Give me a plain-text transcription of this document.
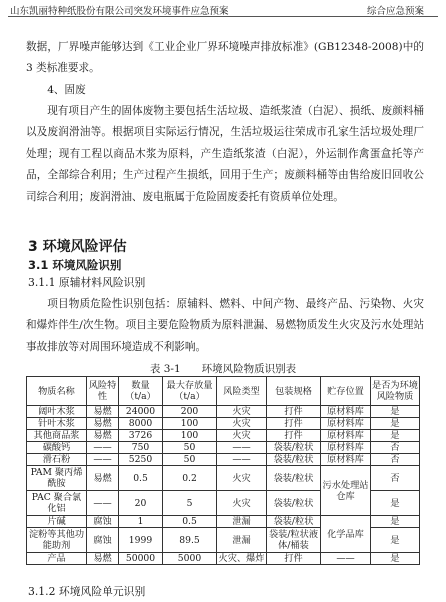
山东凯丽特种纸股份有限公司突发环境事件应急预案	综合应急预案

数据，厂界噪声能够达到《工业企业厂界环境噪声排放标准》(GB12348-2008)中的 3 类标准要求。

4、固废

现有项目产生的固体废物主要包括生活垃圾、造纸浆渣（白泥）、损纸、废颜料桶以及废润滑油等。根据项目实际运行情况，生活垃圾运往荣成市孔家生活垃圾处理厂处理；现有工程以商品木浆为原料，产生造纸浆渣（白泥），外运制作禽蛋盒托等产品，全部综合利用；生产过程产生损纸，回用于生产；废颜料桶等由售给废旧回收公司综合利用；废润滑油、废电瓶属于危险固废委托有资质单位处理。

3 环境风险评估
3.1 环境风险识别
3.1.1 原辅材料风险识别

项目物质危险性识别包括：原辅料、燃料、中间产物、最终产品、污染物、火灾和爆炸伴生/次生物。项目主要危险物质为原料泄漏、易燃物质发生火灾及污水处理站事故排放等对周围环境造成不利影响。

表 3-1　　环境风险物质识别表
物质名称	风险特性	数量（t/a）	最大存放量（t/a）	风险类型	包装规格	贮存位置	是否为环境风险物质
阔叶木浆	易燃	24000	200	火灾	打件	原材料库	是
针叶木浆	易燃	8000	100	火灾	打件	原材料库	是
其他商品浆	易燃	3726	100	火灾	打件	原材料库	是
碳酸钙	——	750	50	——	袋装/粒状	原材料库	否
滑石粉	——	5250	50	——	袋装/粒状	原材料库	否
PAM 聚丙烯酰胺	易燃	0.5	0.2	火灾	袋装/粒状	污水处理站仓库	否
PAC 聚合氯化铝	——	20	5	火灾	袋装/粒状		是
片碱	腐蚀	1	0.5	泄漏	袋装/粒状	化学品库	是
淀粉等其他功能助剂	腐蚀	1999	89.5	泄漏	袋装/粒状液体/桶装		是
产品	易燃	50000	5000	火灾、爆炸	打件	——	是
3.1.2 环境风险单元识别
